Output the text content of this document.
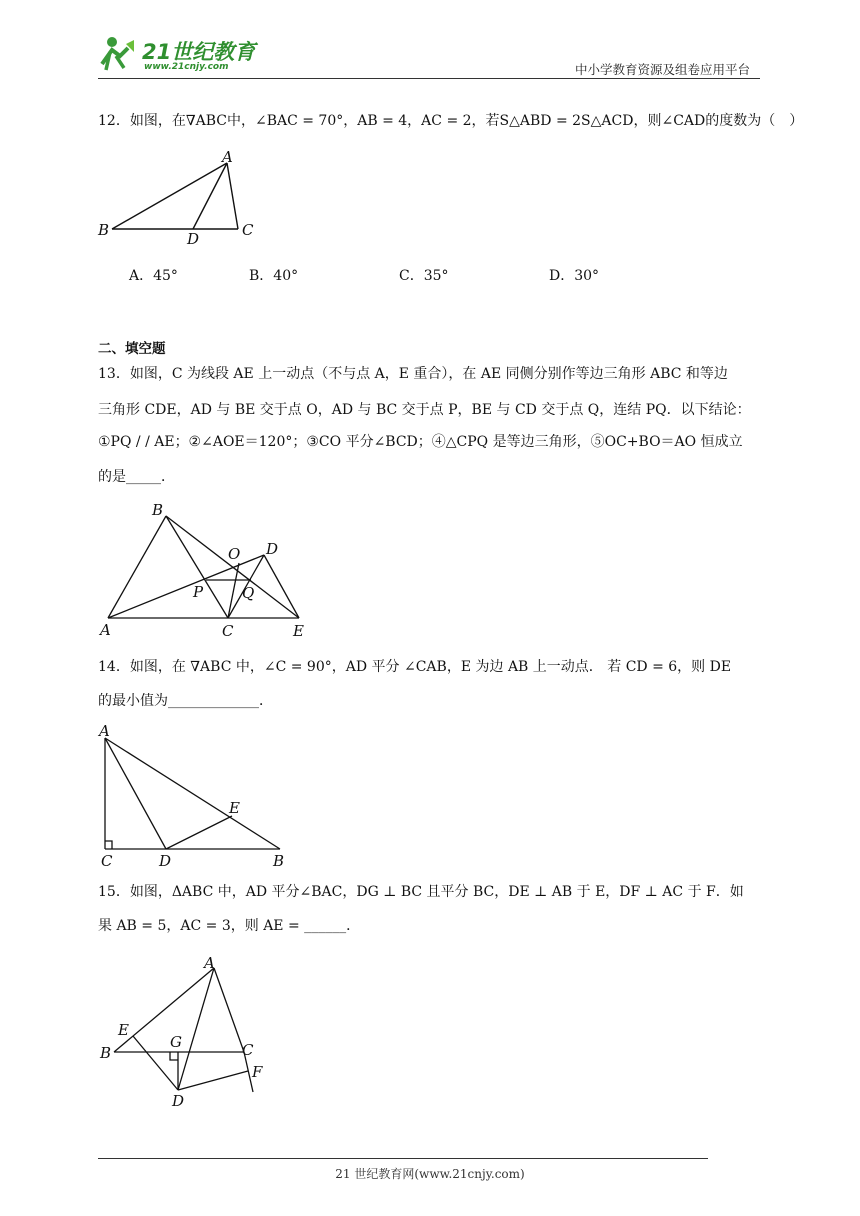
21世纪教育
www.21cnjy.com	中小学教育资源及组卷应用平台
12．如图，在∇ABC中，∠BAC = 70°，AB = 4，AC = 2，若S△ABD = 2S△ACD，则∠CAD的度数为（　）
A
B	C
D
A．45°	B．40°	C．35°	D．30°
二、填空题
13．如图，C 为线段 AE 上一动点（不与点 A，E 重合），在 AE 同侧分别作等边三角形 ABC 和等边
三角形 CDE，AD 与 BE 交于点 O，AD 与 BC 交于点 P，BE 与 CD 交于点 Q，连结 PQ．以下结论：
①PQ / / AE；②∠AOE＝120°；③CO 平分∠BCD；④△CPQ 是等边三角形，⑤OC+BO＝AO 恒成立
的是_____．
B
A	C
D
E
O
P	Q
14．如图，在 ∇ABC 中，∠C = 90°，AD 平分 ∠CAB，E 为边 AB 上一动点． 若 CD = 6，则 DE
的最小值为_____________．
A
C	D	B
E
15．如图，ΔABC 中，AD 平分∠BAC，DG ⊥ BC 且平分 BC，DE ⊥ AB 于 E，DF ⊥ AC 于 F．如
果 AB = 5，AC = 3，则 AE = ______．
A
B	C
D
E
F
G
21 世纪教育网(www.21cnjy.com)
